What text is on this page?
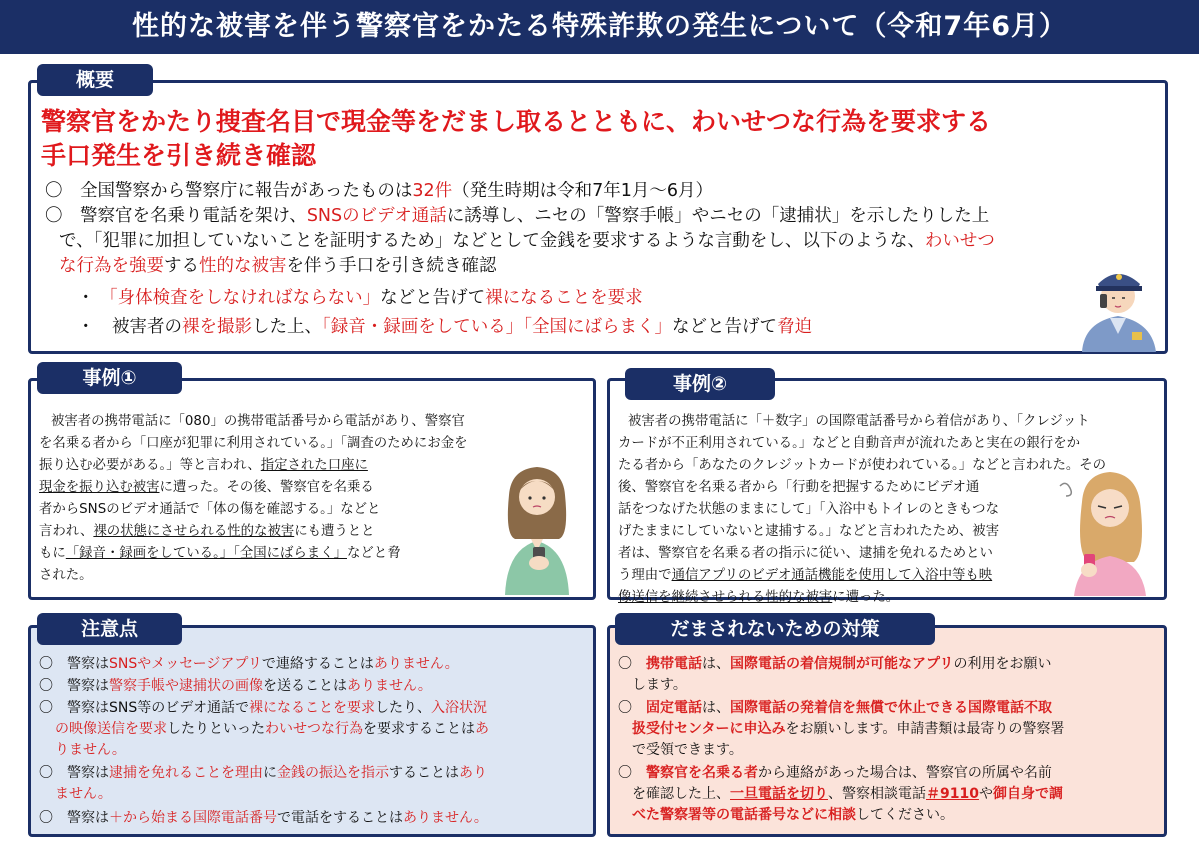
性的な被害を伴う警察官をかたる特殊詐欺の発生について（令和7年6月）
警察官をかたり捜査名目で現金等をだまし取るとともに、わいせつな行為を要求する
手口発生を引き続き確認
〇　全国警察から警察庁に報告があったものは32件（発生時期は令和7年1月～6月）
〇　警察官を名乗り電話を架け、SNSのビデオ通話に誘導し、ニセの「警察手帳」やニセの「逮捕状」を示したりした上
で、「犯罪に加担していないことを証明するため」などとして金銭を要求するような言動をし、以下のような、わいせつ
な行為を強要する性的な被害を伴う手口を引き続き確認
・ 「身体検査をしなければならない」などと告げて裸になることを要求
・　被害者の裸を撮影した上、「録音・録画をしている」「全国にばらまく」などと告げて脅迫
概要
被害者の携帯電話に「080」の携帯電話番号から電話があり、警察官
を名乗る者から「口座が犯罪に利用されている。」「調査のためにお金を
振り込む必要がある。」等と言われ、指定された口座に
現金を振り込む被害に遭った。その後、警察官を名乗る
者からSNSのビデオ通話で「体の傷を確認する。」などと
言われ、裸の状態にさせられる性的な被害にも遭うとと
もに「録音・録画をしている。」「全国にばらまく」などと脅
された。
事例①
被害者の携帯電話に「＋数字」の国際電話番号から着信があり、「クレジット
カードが不正利用されている。」などと自動音声が流れたあと実在の銀行をか
たる者から「あなたのクレジットカードが使われている。」などと言われた。その
後、警察官を名乗る者から「行動を把握するためにビデオ通
話をつなげた状態のままにして」「入浴中もトイレのときもつな
げたままにしていないと逮捕する。」などと言われたため、被害
者は、警察官を名乗る者の指示に従い、逮捕を免れるためとい
う理由で通信アプリのビデオ通話機能を使用して入浴中等も映
像送信を継続させられる性的な被害に遭った。
事例②
〇　警察はSNSやメッセージアプリで連絡することはありません。
〇　警察は警察手帳や逮捕状の画像を送ることはありません。
〇　警察はSNS等のビデオ通話で裸になることを要求したり、入浴状況
の映像送信を要求したりといったわいせつな行為を要求することはあ
りません。
〇　警察は逮捕を免れることを理由に金銭の振込を指示することはあり
ません。
〇　警察は＋から始まる国際電話番号で電話をすることはありません。
注意点
〇　携帯電話は、国際電話の着信規制が可能なアプリの利用をお願い
します。
〇　固定電話は、国際電話の発着信を無償で休止できる国際電話不取
扱受付センターに申込みをお願いします。申請書類は最寄りの警察署
で受領できます。
〇　警察官を名乗る者から連絡があった場合は、警察官の所属や名前
を確認した上、一旦電話を切り、警察相談電話＃9110や御自身で調
べた警察署等の電話番号などに相談してください。
だまされないための対策
